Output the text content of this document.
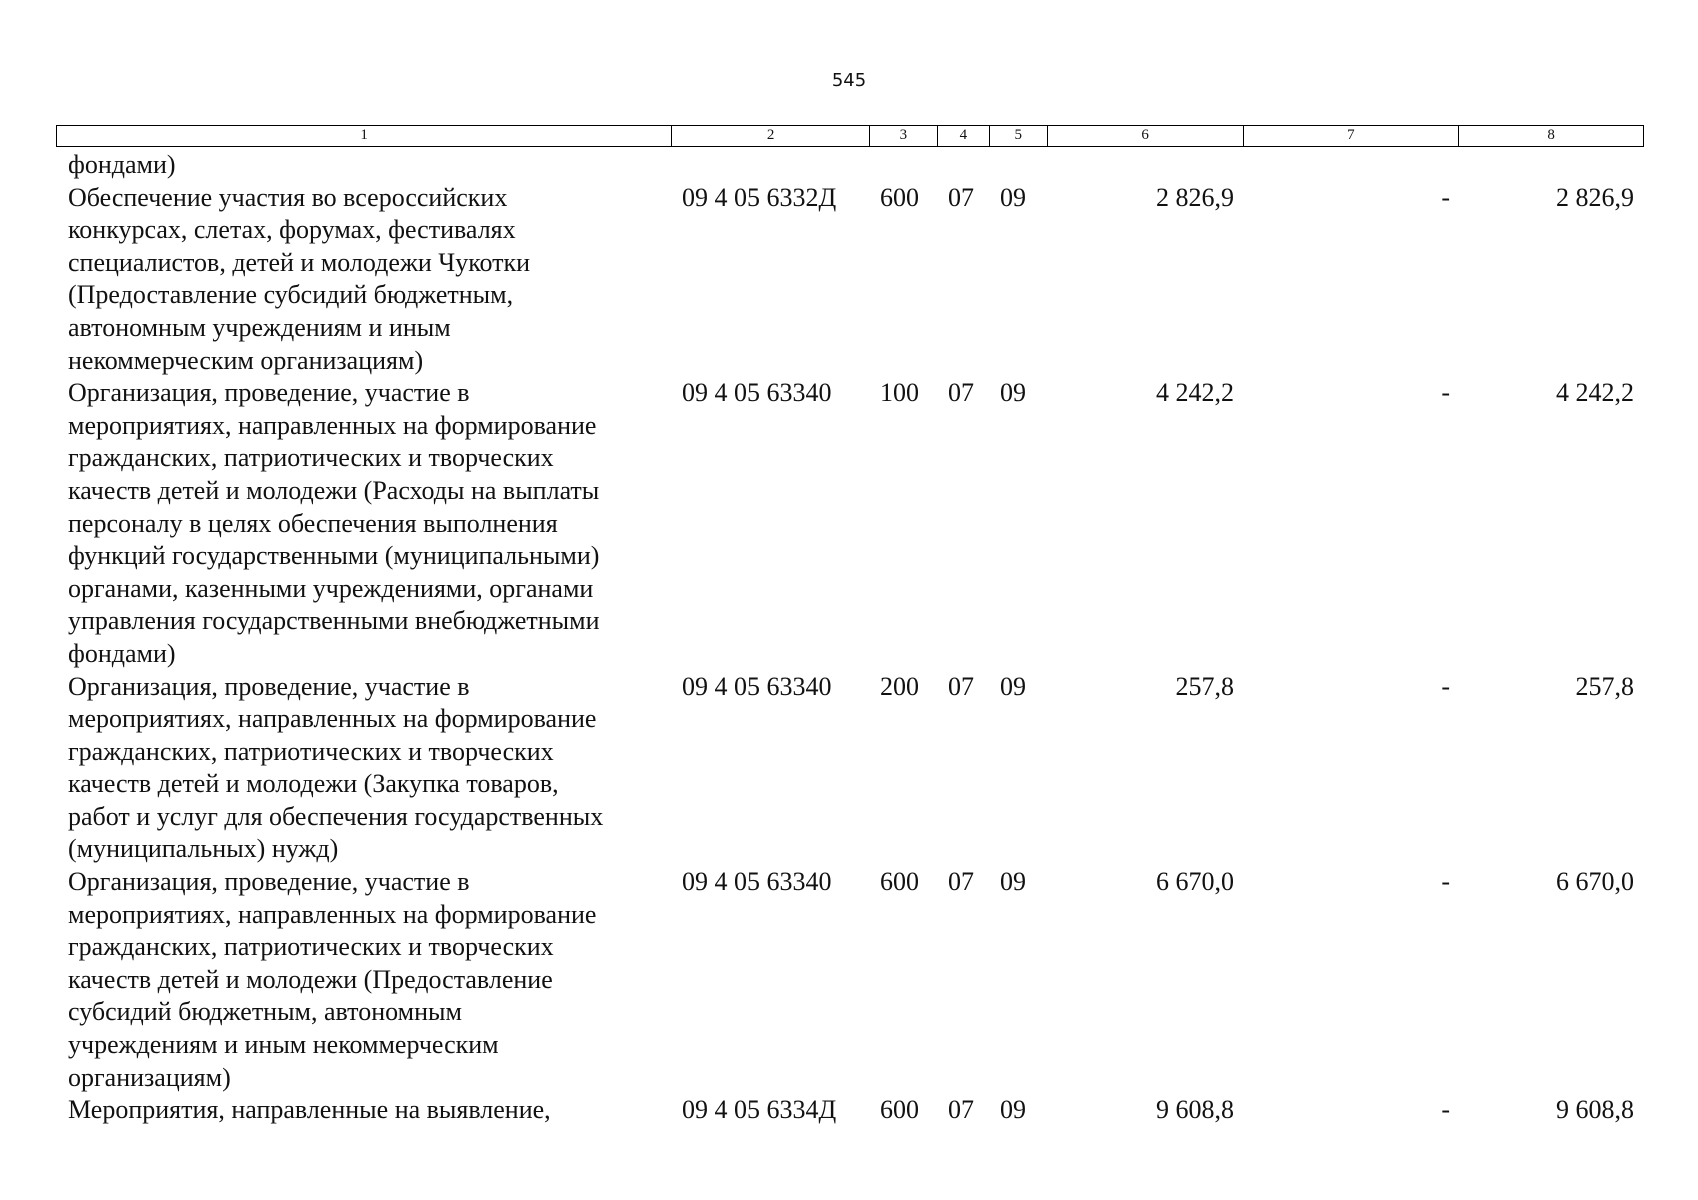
545
1	2	3	4	5	6	7	8
фондами)
Обеспечение участия во всероссийских
конкурсах, слетах, форумах, фестивалях
специалистов, детей и молодежи Чукотки
(Предоставление субсидий бюджетным,
автономным учреждениям и иным
некоммерческим организациям)
09 4 05 6332Д	600	07	09	2 826,9	-	2 826,9
Организация, проведение, участие в
мероприятиях, направленных на формирование
гражданских, патриотических и творческих
качеств детей и молодежи (Расходы на выплаты
персоналу в целях обеспечения выполнения
функций государственными (муниципальными)
органами, казенными учреждениями, органами
управления государственными внебюджетными
фондами)
09 4 05 63340	100	07	09	4 242,2	-	4 242,2
Организация, проведение, участие в
мероприятиях, направленных на формирование
гражданских, патриотических и творческих
качеств детей и молодежи (Закупка товаров,
работ и услуг для обеспечения государственных
(муниципальных) нужд)
09 4 05 63340	200	07	09	257,8	-	257,8
Организация, проведение, участие в
мероприятиях, направленных на формирование
гражданских, патриотических и творческих
качеств детей и молодежи (Предоставление
субсидий бюджетным, автономным
учреждениям и иным некоммерческим
организациям)
09 4 05 63340	600	07	09	6 670,0	-	6 670,0
Мероприятия, направленные на выявление,	09 4 05 6334Д	600	07	09	9 608,8	-	9 608,8
